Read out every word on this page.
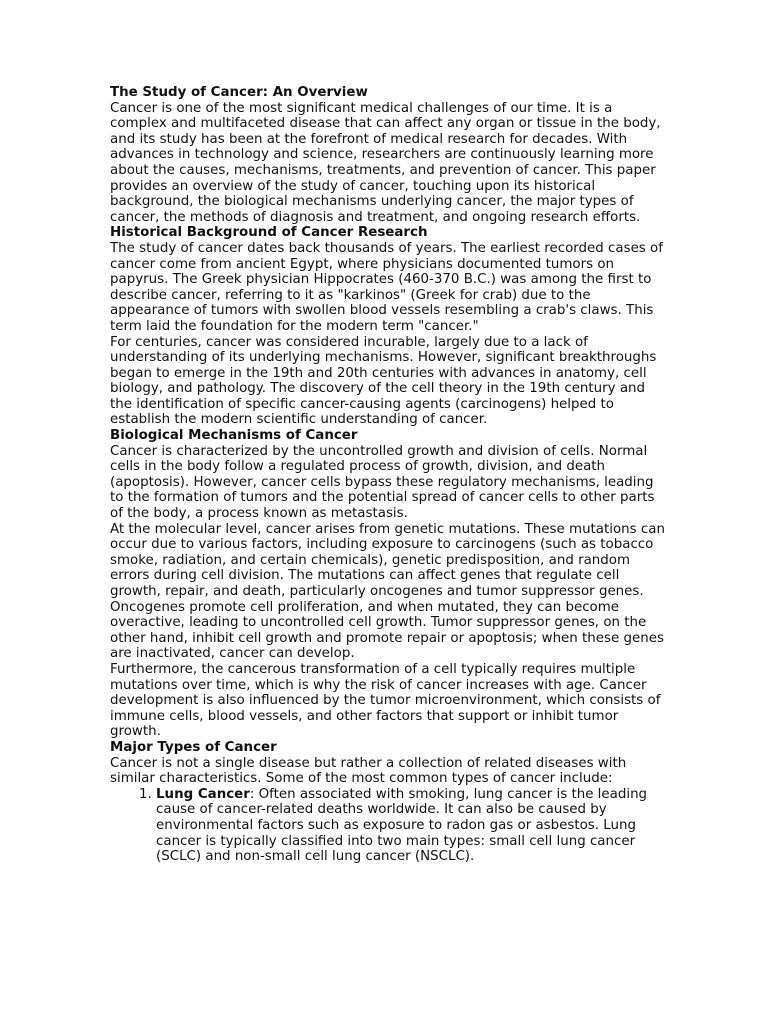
The Study of Cancer: An Overview

Cancer is one of the most significant medical challenges of our time. It is a complex and multifaceted disease that can affect any organ or tissue in the body, and its study has been at the forefront of medical research for decades. With advances in technology and science, researchers are continuously learning more about the causes, mechanisms, treatments, and prevention of cancer. This paper provides an overview of the study of cancer, touching upon its historical background, the biological mechanisms underlying cancer, the major types of cancer, the methods of diagnosis and treatment, and ongoing research efforts.

Historical Background of Cancer Research

The study of cancer dates back thousands of years. The earliest recorded cases of cancer come from ancient Egypt, where physicians documented tumors on papyrus. The Greek physician Hippocrates (460-370 B.C.) was among the first to describe cancer, referring to it as "karkinos" (Greek for crab) due to the appearance of tumors with swollen blood vessels resembling a crab's claws. This term laid the foundation for the modern term "cancer."

For centuries, cancer was considered incurable, largely due to a lack of understanding of its underlying mechanisms. However, significant breakthroughs began to emerge in the 19th and 20th centuries with advances in anatomy, cell biology, and pathology. The discovery of the cell theory in the 19th century and the identification of specific cancer-causing agents (carcinogens) helped to establish the modern scientific understanding of cancer.

Biological Mechanisms of Cancer

Cancer is characterized by the uncontrolled growth and division of cells. Normal cells in the body follow a regulated process of growth, division, and death (apoptosis). However, cancer cells bypass these regulatory mechanisms, leading to the formation of tumors and the potential spread of cancer cells to other parts of the body, a process known as metastasis.

At the molecular level, cancer arises from genetic mutations. These mutations can occur due to various factors, including exposure to carcinogens (such as tobacco smoke, radiation, and certain chemicals), genetic predisposition, and random errors during cell division. The mutations can affect genes that regulate cell growth, repair, and death, particularly oncogenes and tumor suppressor genes. Oncogenes promote cell proliferation, and when mutated, they can become overactive, leading to uncontrolled cell growth. Tumor suppressor genes, on the other hand, inhibit cell growth and promote repair or apoptosis; when these genes are inactivated, cancer can develop.

Furthermore, the cancerous transformation of a cell typically requires multiple mutations over time, which is why the risk of cancer increases with age. Cancer development is also influenced by the tumor microenvironment, which consists of immune cells, blood vessels, and other factors that support or inhibit tumor growth.

Major Types of Cancer

Cancer is not a single disease but rather a collection of related diseases with similar characteristics. Some of the most common types of cancer include:

1. Lung Cancer: Often associated with smoking, lung cancer is the leading cause of cancer-related deaths worldwide. It can also be caused by environmental factors such as exposure to radon gas or asbestos. Lung cancer is typically classified into two main types: small cell lung cancer (SCLC) and non-small cell lung cancer (NSCLC).
